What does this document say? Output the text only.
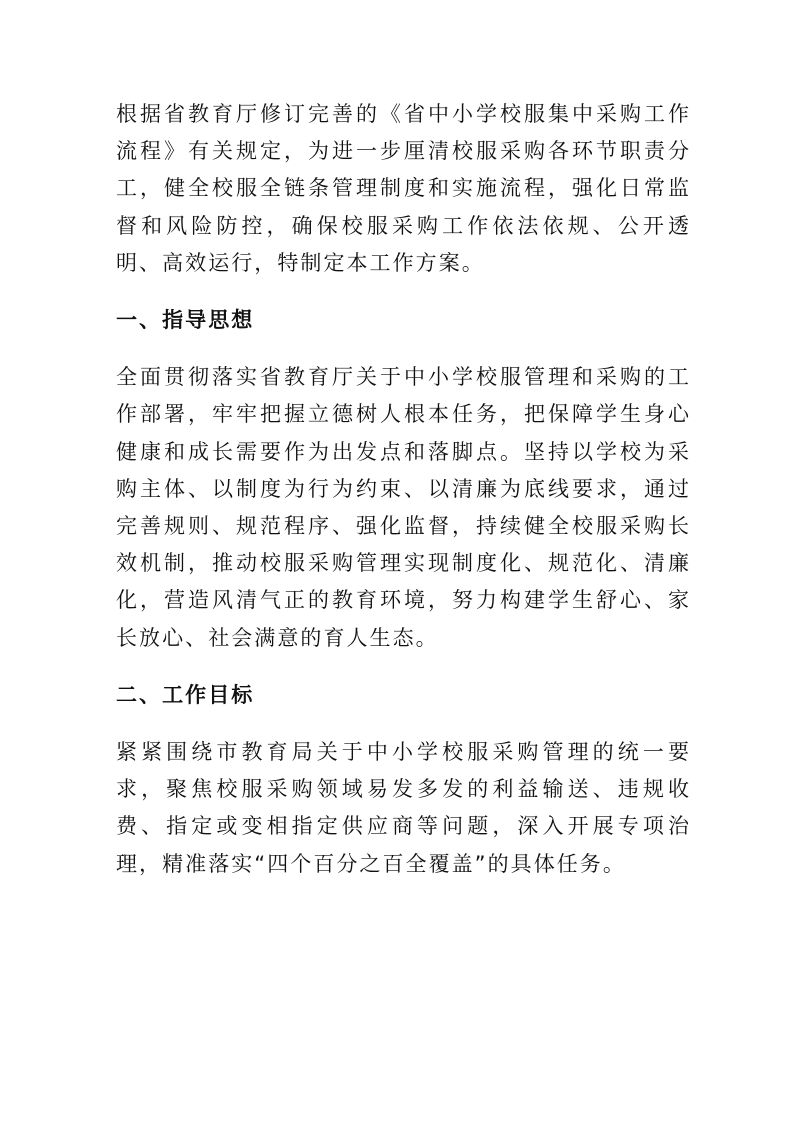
根据省教育厅修订完善的《省中小学校服集中采购工作流程》有关规定，为进一步厘清校服采购各环节职责分工，健全校服全链条管理制度和实施流程，强化日常监督和风险防控，确保校服采购工作依法依规、公开透明、高效运行，特制定本工作方案。

一、指导思想

全面贯彻落实省教育厅关于中小学校服管理和采购的工作部署，牢牢把握立德树人根本任务，把保障学生身心健康和成长需要作为出发点和落脚点。坚持以学校为采购主体、以制度为行为约束、以清廉为底线要求，通过完善规则、规范程序、强化监督，持续健全校服采购长效机制，推动校服采购管理实现制度化、规范化、清廉化，营造风清气正的教育环境，努力构建学生舒心、家长放心、社会满意的育人生态。

二、工作目标

紧紧围绕市教育局关于中小学校服采购管理的统一要求，聚焦校服采购领域易发多发的利益输送、违规收费、指定或变相指定供应商等问题，深入开展专项治理，精准落实“四个百分之百全覆盖”的具体任务。
